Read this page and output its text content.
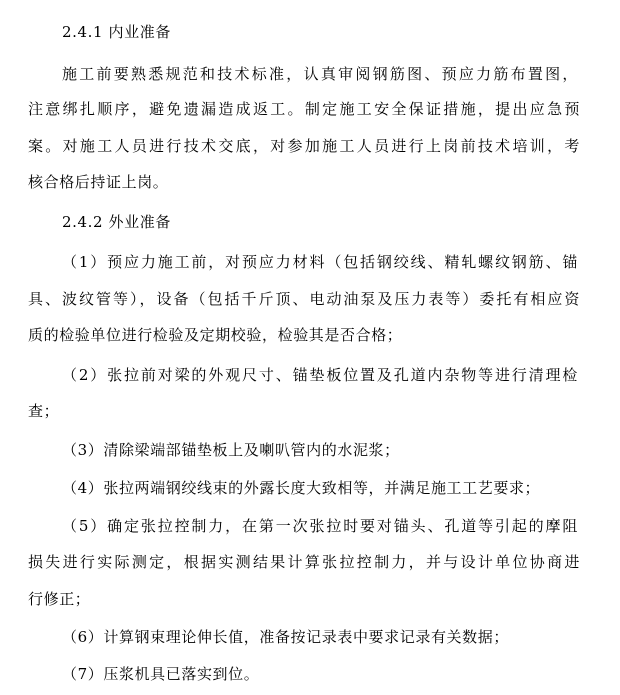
2.4.1 内业准备
施工前要熟悉规范和技术标准，认真审阅钢筋图、预应力筋布置图，
注意绑扎顺序，避免遗漏造成返工。制定施工安全保证措施，提出应急预
案。对施工人员进行技术交底，对参加施工人员进行上岗前技术培训，考
核合格后持证上岗。
2.4.2 外业准备
（1）预应力施工前，对预应力材料（包括钢绞线、精轧螺纹钢筋、锚
具、波纹管等），设备（包括千斤顶、电动油泵及压力表等）委托有相应资
质的检验单位进行检验及定期校验，检验其是否合格；
（2）张拉前对梁的外观尺寸、锚垫板位置及孔道内杂物等进行清理检
查；
（3）清除梁端部锚垫板上及喇叭管内的水泥浆；
（4）张拉两端钢绞线束的外露长度大致相等，并满足施工工艺要求；
（5）确定张拉控制力，在第一次张拉时要对锚头、孔道等引起的摩阻
损失进行实际测定，根据实测结果计算张拉控制力，并与设计单位协商进
行修正；
（6）计算钢束理论伸长值，准备按记录表中要求记录有关数据；
（7）压浆机具已落实到位。
